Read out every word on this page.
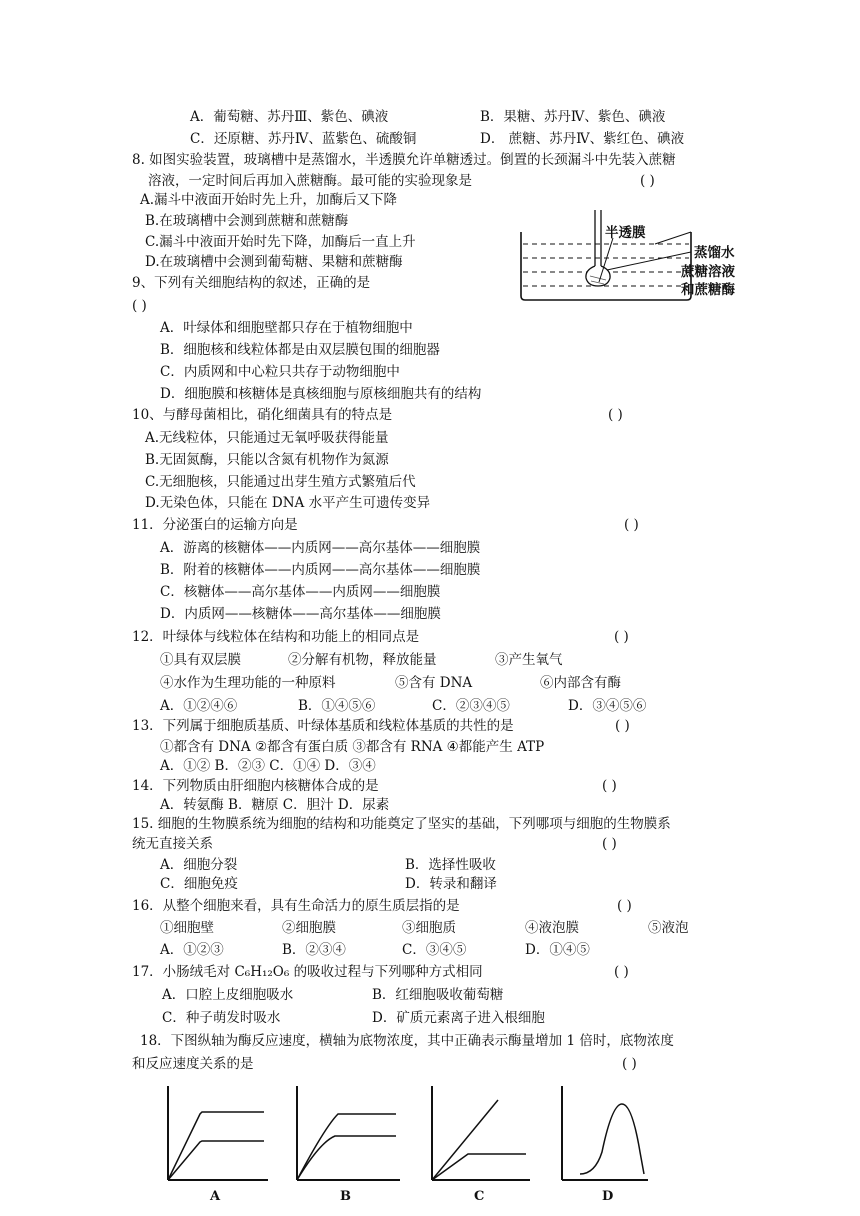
A．葡萄糖、苏丹Ⅲ、紫色、碘液	B．果糖、苏丹Ⅳ、紫色、碘液
C．还原糖、苏丹Ⅳ、蓝紫色、硫酸铜	D． 蔗糖、苏丹Ⅳ、紫红色、碘液
8. 如图实验装置，玻璃槽中是蒸馏水，半透膜允许单糖透过。倒置的长颈漏斗中先装入蔗糖
溶液，一定时间后再加入蔗糖酶。最可能的实验现象是
A.漏斗中液面开始时先上升，加酶后又下降
B.在玻璃槽中会测到蔗糖和蔗糖酶
C.漏斗中液面开始时先下降，加酶后一直上升
D.在玻璃槽中会测到葡萄糖、果糖和蔗糖酶
9、下列有关细胞结构的叙述，正确的是
A．叶绿体和细胞壁都只存在于植物细胞中
B．细胞核和线粒体都是由双层膜包围的细胞器
C．内质网和中心粒只共存于动物细胞中
D．细胞膜和核糖体是真核细胞与原核细胞共有的结构
10、与酵母菌相比，硝化细菌具有的特点是
A.无线粒体，只能通过无氧呼吸获得能量
B.无固氮酶，只能以含氮有机物作为氮源
C.无细胞核，只能通过出芽生殖方式繁殖后代
D.无染色体，只能在 DNA 水平产生可遗传变异
11．分泌蛋白的运输方向是
A．游离的核糖体——内质网——高尔基体——细胞膜
B．附着的核糖体——内质网——高尔基体——细胞膜
C．核糖体——高尔基体——内质网——细胞膜
D．内质网——核糖体——高尔基体——细胞膜
12．叶绿体与线粒体在结构和功能上的相同点是
①具有双层膜	②分解有机物，释放能量	③产生氧气
④水作为生理功能的一种原料	⑤含有 DNA	⑥内部含有酶
A．①②④⑥	B．①④⑤⑥	C．②③④⑤	D．③④⑤⑥
13．下列属于细胞质基质、叶绿体基质和线粒体基质的共性的是
①都含有 DNA ②都含有蛋白质 ③都含有 RNA ④都能产生 ATP
A．①② B．②③ C．①④ D．③④
14．下列物质由肝细胞内核糖体合成的是
A．转氨酶 B．糖原 C．胆汁 D．尿素
15. 细胞的生物膜系统为细胞的结构和功能奠定了坚实的基础，下列哪项与细胞的生物膜系
统无直接关系
A．细胞分裂	B．选择性吸收
C．细胞免疫	D．转录和翻译
16．从整个细胞来看，具有生命活力的原生质层指的是
①细胞壁	②细胞膜	③细胞质	④液泡膜	⑤液泡
A．①②③	B．②③④	C．③④⑤	D．①④⑤
17．小肠绒毛对 C₆H₁₂O₆ 的吸收过程与下列哪种方式相同
A．口腔上皮细胞吸水	B．红细胞吸收葡萄糖
C．种子萌发时吸水	D．矿质元素离子进入根细胞
18．下图纵轴为酶反应速度，横轴为底物浓度，其中正确表示酶量增加 1 倍时，底物浓度
和反应速度关系的是
( )
( )
( )
( )
( )
( )
( )
( )
( )
( )
( )
半透膜
蒸馏水
蔗糖溶液
和蔗糖酶
A	B	C	D
